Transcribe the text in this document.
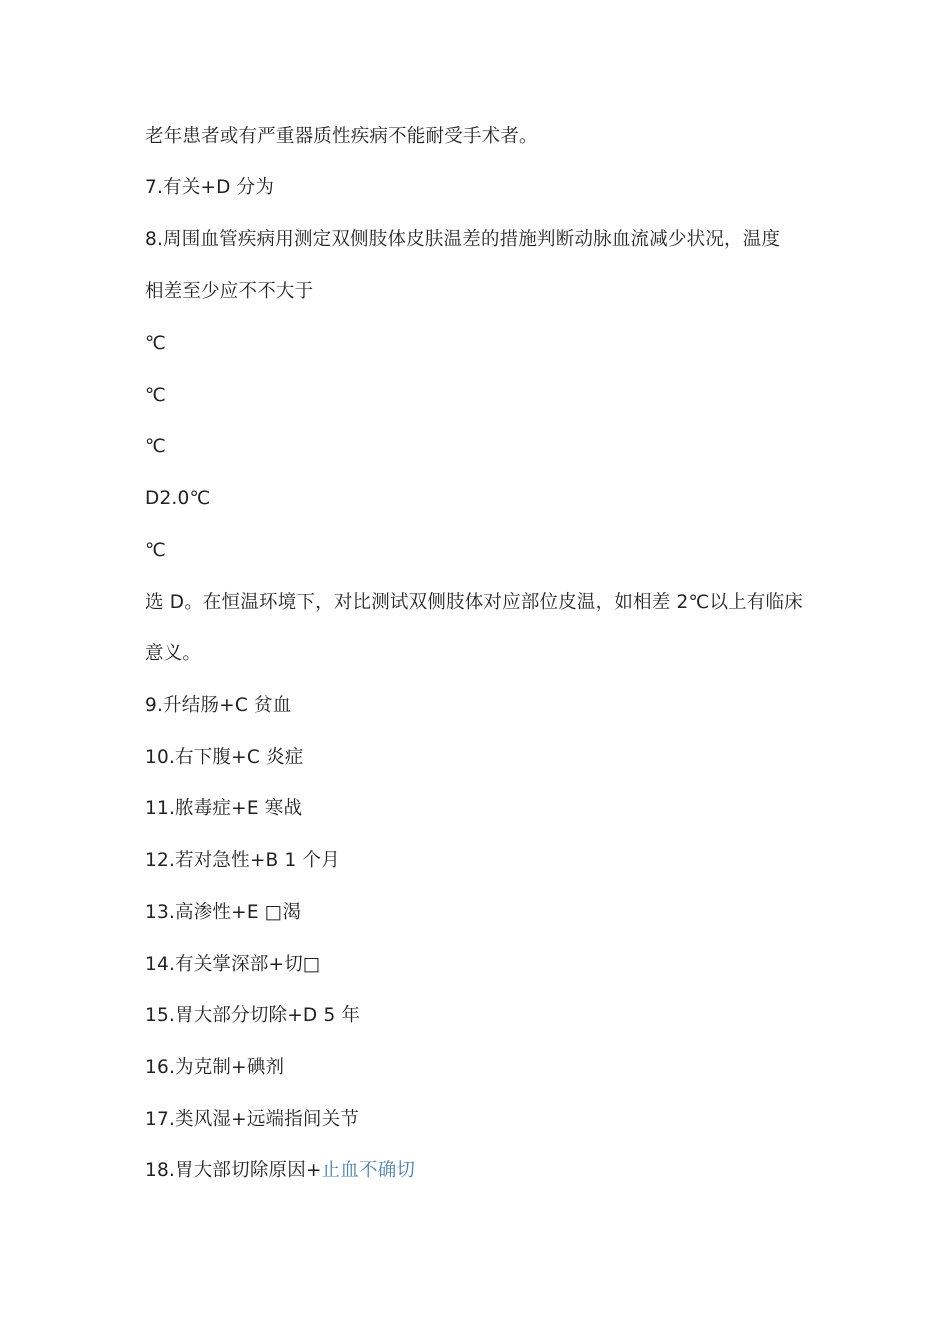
老年患者或有严重器质性疾病不能耐受手术者。
7.有关+D 分为
8.周围血管疾病用测定双侧肢体皮肤温差的措施判断动脉血流减少状况，温度
相差至少应不不大于
℃
℃
℃
D2.0℃
℃
选 D。在恒温环境下，对比测试双侧肢体对应部位皮温，如相差 2℃以上有临床
意义。
9.升结肠+C 贫血
10.右下腹+C 炎症
11.脓毒症+E 寒战
12.若对急性+B 1 个月
13.高渗性+E □渴
14.有关掌深部+切□
15.胃大部分切除+D 5 年
16.为克制+碘剂
17.类风湿+远端指间关节
18.胃大部切除原因+止血不确切
